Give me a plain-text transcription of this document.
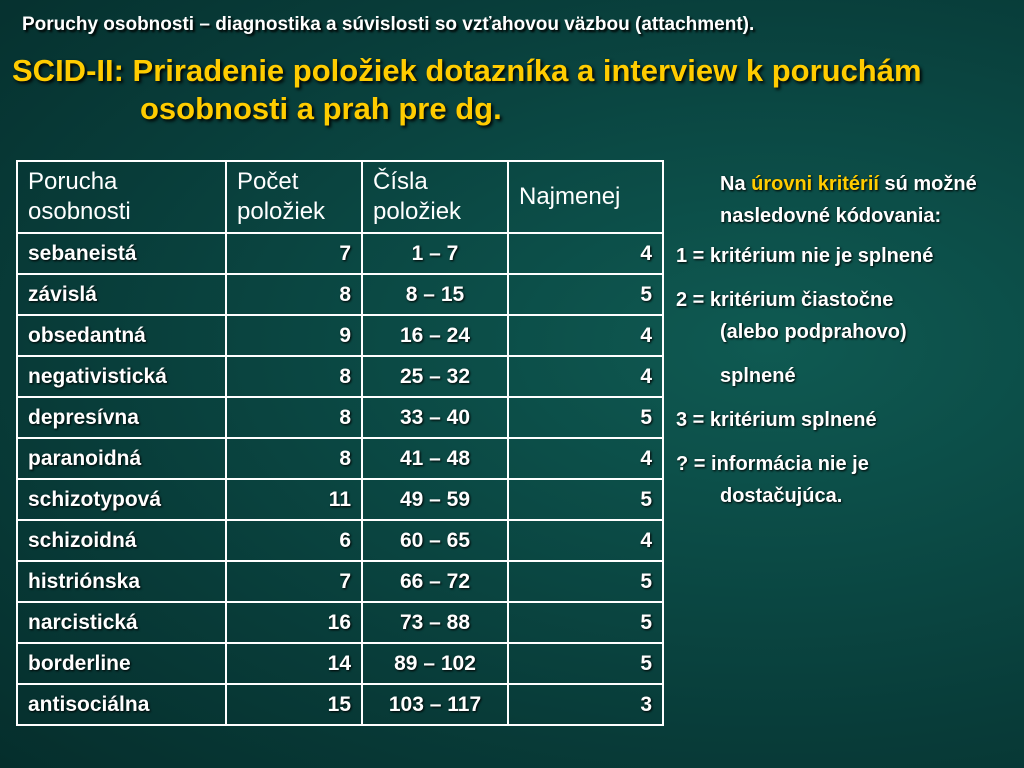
Poruchy osobnosti – diagnostika a súvislosti so vzťahovou väzbou (attachment).
SCID-II: Priradenie položiek dotazníka a interview k poruchám
osobnosti a prah pre dg.
Porucha osobnosti	Počet položiek	Čísla položiek	Najmenej
sebaneistá	7	1 – 7	4
závislá	8	8 – 15	5
obsedantná	9	16 – 24	4
negativistická	8	25 – 32	4
depresívna	8	33 – 40	5
paranoidná	8	41 – 48	4
schizotypová	11	49 – 59	5
schizoidná	6	60 – 65	4
histriónska	7	66 – 72	5
narcistická	16	73 – 88	5
borderline	14	89 – 102	5
antisociálna	15	103 – 117	3
Na úrovni kritérií sú možné nasledovné kódovania:
1 = kritérium nie je splnené
2 = kritérium čiastočne
(alebo podprahovo)
splnené
3 = kritérium splnené
? = informácia nie je
dostačujúca.
